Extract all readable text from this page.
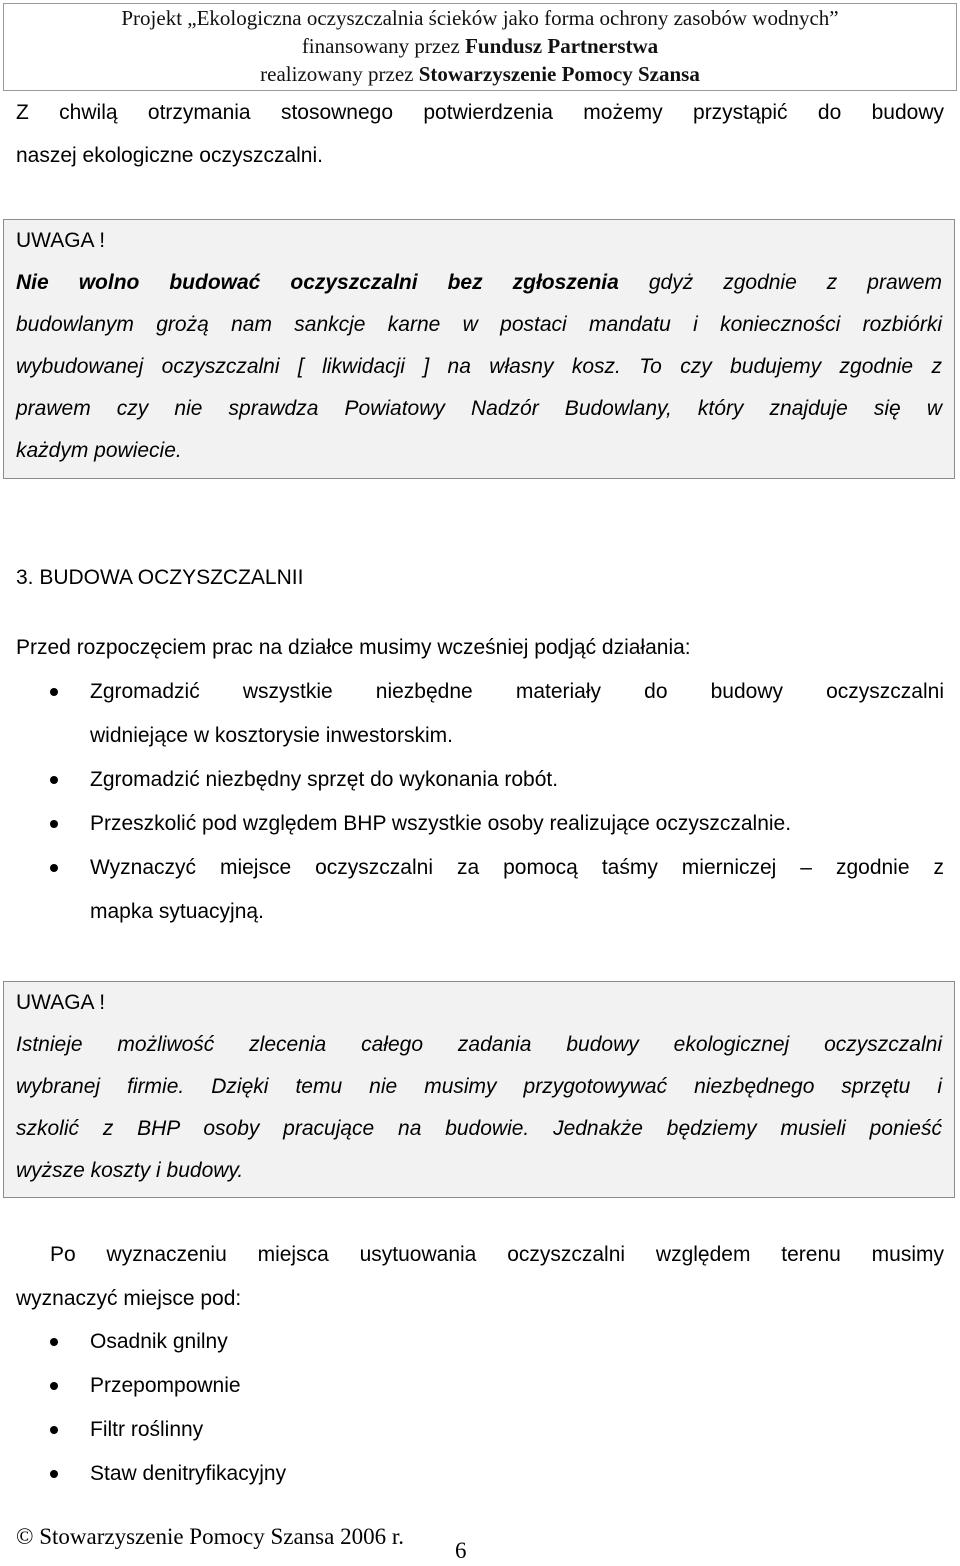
Projekt „Ekologiczna oczyszczalnia ścieków jako forma ochrony zasobów wodnych”
finansowany przez Fundusz Partnerstwa
realizowany przez Stowarzyszenie Pomocy Szansa
Z chwilą otrzymania stosownego potwierdzenia możemy przystąpić do budowy
naszej ekologiczne oczyszczalni.
UWAGA !
Nie wolno budować oczyszczalni bez zgłoszenia gdyż zgodnie z prawem
budowlanym grożą nam sankcje karne w postaci mandatu i konieczności rozbiórki
wybudowanej oczyszczalni [ likwidacji ] na własny kosz. To czy budujemy zgodnie z
prawem czy nie sprawdza Powiatowy Nadzór Budowlany, który znajduje się w
każdym powiecie.
3. BUDOWA OCZYSZCZALNII
Przed rozpoczęciem prac na działce musimy wcześniej podjąć działania:
Zgromadzić wszystkie niezbędne materiały do budowy oczyszczalni
widniejące w kosztorysie inwestorskim.
Zgromadzić niezbędny sprzęt do wykonania robót.
Przeszkolić pod względem BHP wszystkie osoby realizujące oczyszczalnie.
Wyznaczyć miejsce oczyszczalni za pomocą taśmy mierniczej – zgodnie z
mapka sytuacyjną.
UWAGA !
Istnieje możliwość zlecenia całego zadania budowy ekologicznej oczyszczalni
wybranej firmie. Dzięki temu nie musimy przygotowywać niezbędnego sprzętu i
szkolić z BHP osoby pracujące na budowie. Jednakże będziemy musieli ponieść
wyższe koszty i budowy.
Po wyznaczeniu miejsca usytuowania oczyszczalni względem terenu musimy
wyznaczyć miejsce pod:
Osadnik gnilny
Przepompownie
Filtr roślinny
Staw denitryfikacyjny
© Stowarzyszenie Pomocy Szansa 2006 r.
6
